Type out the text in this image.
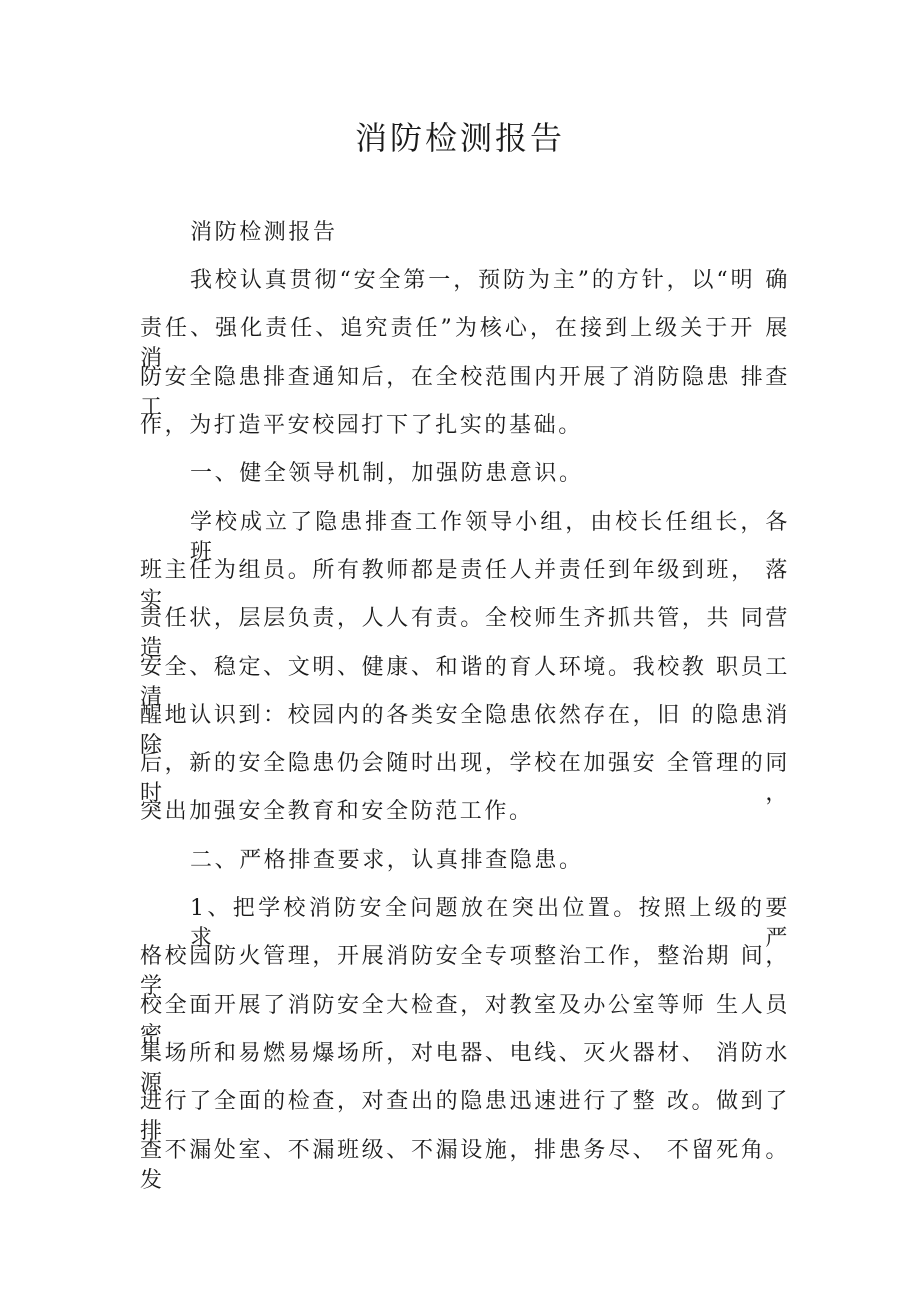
消防检测报告

消防检测报告

我校认真贯彻“安全第一，预防为主”的方针，以“明 确

责任、强化责任、追究责任”为核心，在接到上级关于开 展消

防安全隐患排查通知后，在全校范围内开展了消防隐患 排查工

作，为打造平安校园打下了扎实的基础。

一、健全领导机制，加强防患意识。

学校成立了隐患排查工作领导小组，由校长任组长，各 班

班主任为组员。所有教师都是责任人并责任到年级到班， 落实

责任状，层层负责，人人有责。全校师生齐抓共管，共 同营造

安全、稳定、文明、健康、和谐的育人环境。我校教 职员工清

醒地认识到：校园内的各类安全隐患依然存在，旧 的隐患消除

后，新的安全隐患仍会随时出现，学校在加强安 全管理的同时，

突出加强安全教育和安全防范工作。

二、严格排查要求，认真排查隐患。

1、把学校消防安全问题放在突出位置。按照上级的要 求严

格校园防火管理，开展消防安全专项整治工作，整治期 间，学

校全面开展了消防安全大检查，对教室及办公室等师 生人员密

集场所和易燃易爆场所，对电器、电线、灭火器材、 消防水源

进行了全面的检查，对查出的隐患迅速进行了整 改。做到了排

查不漏处室、不漏班级、不漏设施，排患务尽、 不留死角。发
